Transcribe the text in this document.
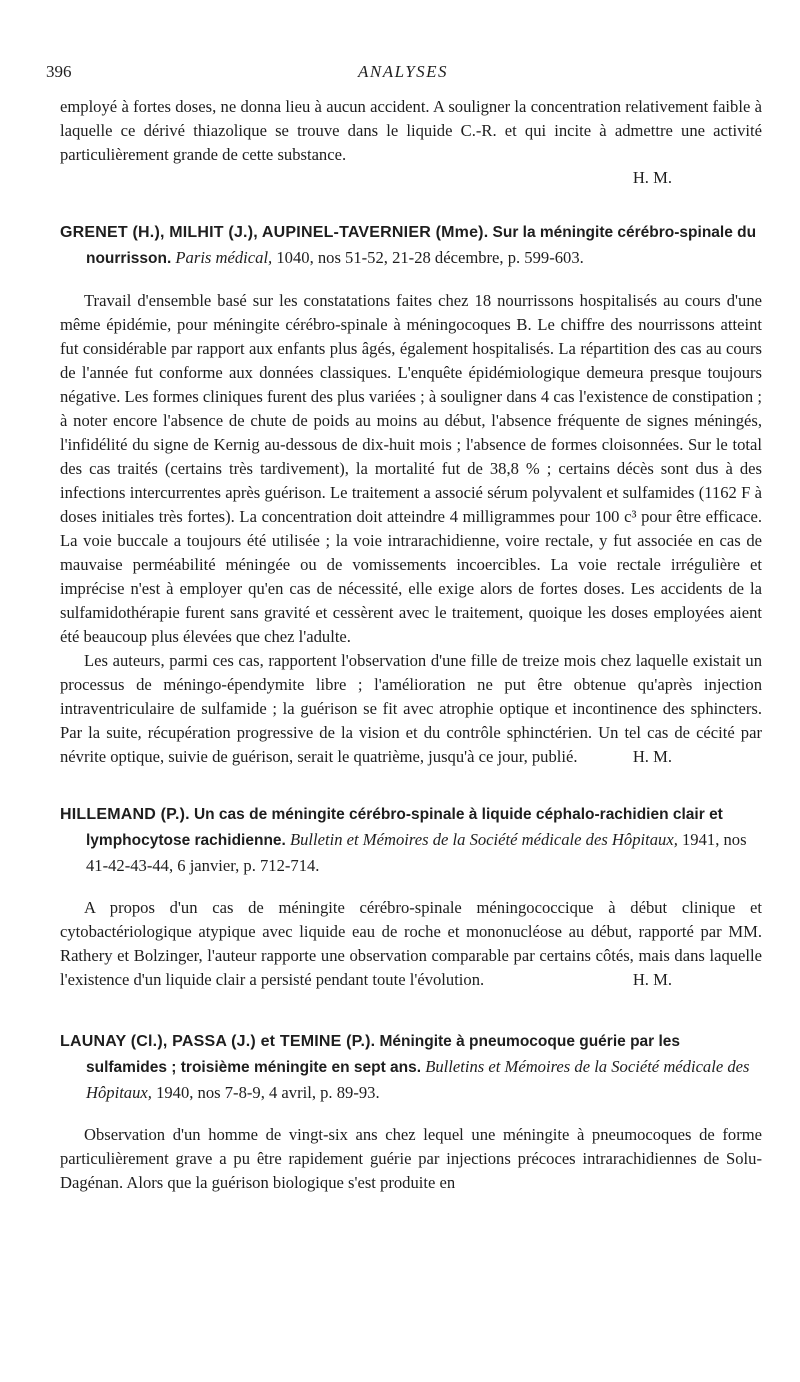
396	ANALYSES

employé à fortes doses, ne donna lieu à aucun accident. A souligner la concentration relativement faible à laquelle ce dérivé thiazolique se trouve dans le liquide C.-R. et qui incite à admettre une activité particulièrement grande de cette substance.

H. M.

GRENET (H.), MILHIT (J.), AUPINEL-TAVERNIER (Mme). Sur la méningite cérébro-spinale du nourrisson. Paris médical, 1040, nos 51-52, 21-28 décembre, p. 599-603.

Travail d'ensemble basé sur les constatations faites chez 18 nourrissons hospitalisés au cours d'une même épidémie, pour méningite cérébro-spinale à méningocoques B. Le chiffre des nourrissons atteint fut considérable par rapport aux enfants plus âgés, également hospitalisés. La répartition des cas au cours de l'année fut conforme aux données classiques. L'enquête épidémiologique demeura presque toujours négative. Les formes cliniques furent des plus variées ; à souligner dans 4 cas l'existence de constipation ; à noter encore l'absence de chute de poids au moins au début, l'absence fréquente de signes méningés, l'infidélité du signe de Kernig au-dessous de dix-huit mois ; l'absence de formes cloisonnées. Sur le total des cas traités (certains très tardivement), la mortalité fut de 38,8 % ; certains décès sont dus à des infections intercurrentes après guérison. Le traitement a associé sérum polyvalent et sulfamides (1162 F à doses initiales très fortes). La concentration doit atteindre 4 milligrammes pour 100 c³ pour être efficace. La voie buccale a toujours été utilisée ; la voie intrarachidienne, voire rectale, y fut associée en cas de mauvaise perméabilité méningée ou de vomissements incoercibles. La voie rectale irrégulière et imprécise n'est à employer qu'en cas de nécessité, elle exige alors de fortes doses. Les accidents de la sulfamidothérapie furent sans gravité et cessèrent avec le traitement, quoique les doses employées aient été beaucoup plus élevées que chez l'adulte.

Les auteurs, parmi ces cas, rapportent l'observation d'une fille de treize mois chez laquelle existait un processus de méningo-épendymite libre ; l'amélioration ne put être obtenue qu'après injection intraventriculaire de sulfamide ; la guérison se fit avec atrophie optique et incontinence des sphincters. Par la suite, récupération progressive de la vision et du contrôle sphinctérien. Un tel cas de cécité par névrite optique, suivie de guérison, serait le quatrième, jusqu'à ce jour, publié.	H. M.

HILLEMAND (P.). Un cas de méningite cérébro-spinale à liquide céphalo-rachidien clair et lymphocytose rachidienne. Bulletin et Mémoires de la Société médicale des Hôpitaux, 1941, nos 41-42-43-44, 6 janvier, p. 712-714.

A propos d'un cas de méningite cérébro-spinale méningococcique à début clinique et cytobactériologique atypique avec liquide eau de roche et mononucléose au début, rapporté par MM. Rathery et Bolzinger, l'auteur rapporte une observation comparable par certains côtés, mais dans laquelle l'existence d'un liquide clair a persisté pendant toute l'évolution.	H. M.

LAUNAY (Cl.), PASSA (J.) et TEMINE (P.). Méningite à pneumocoque guérie par les sulfamides ; troisième méningite en sept ans. Bulletins et Mémoires de la Société médicale des Hôpitaux, 1940, nos 7-8-9, 4 avril, p. 89-93.

Observation d'un homme de vingt-six ans chez lequel une méningite à pneumocoques de forme particulièrement grave a pu être rapidement guérie par injections précoces intrarachidiennes de Solu-Dagénan. Alors que la guérison biologique s'est produite en
